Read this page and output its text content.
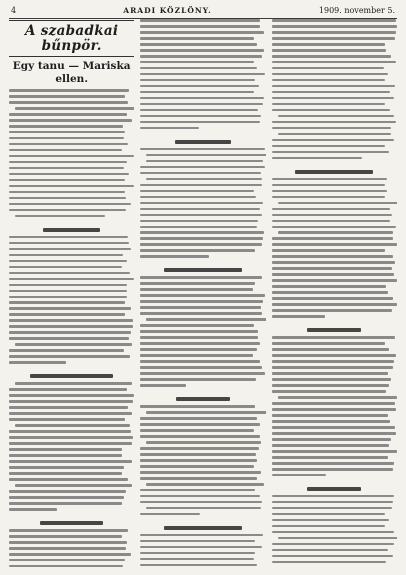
4	ARADI KÖZLÖNY.	1909. november 5.
A szabadkai bűnpör.
Egy tanu — Mariska ellen.
